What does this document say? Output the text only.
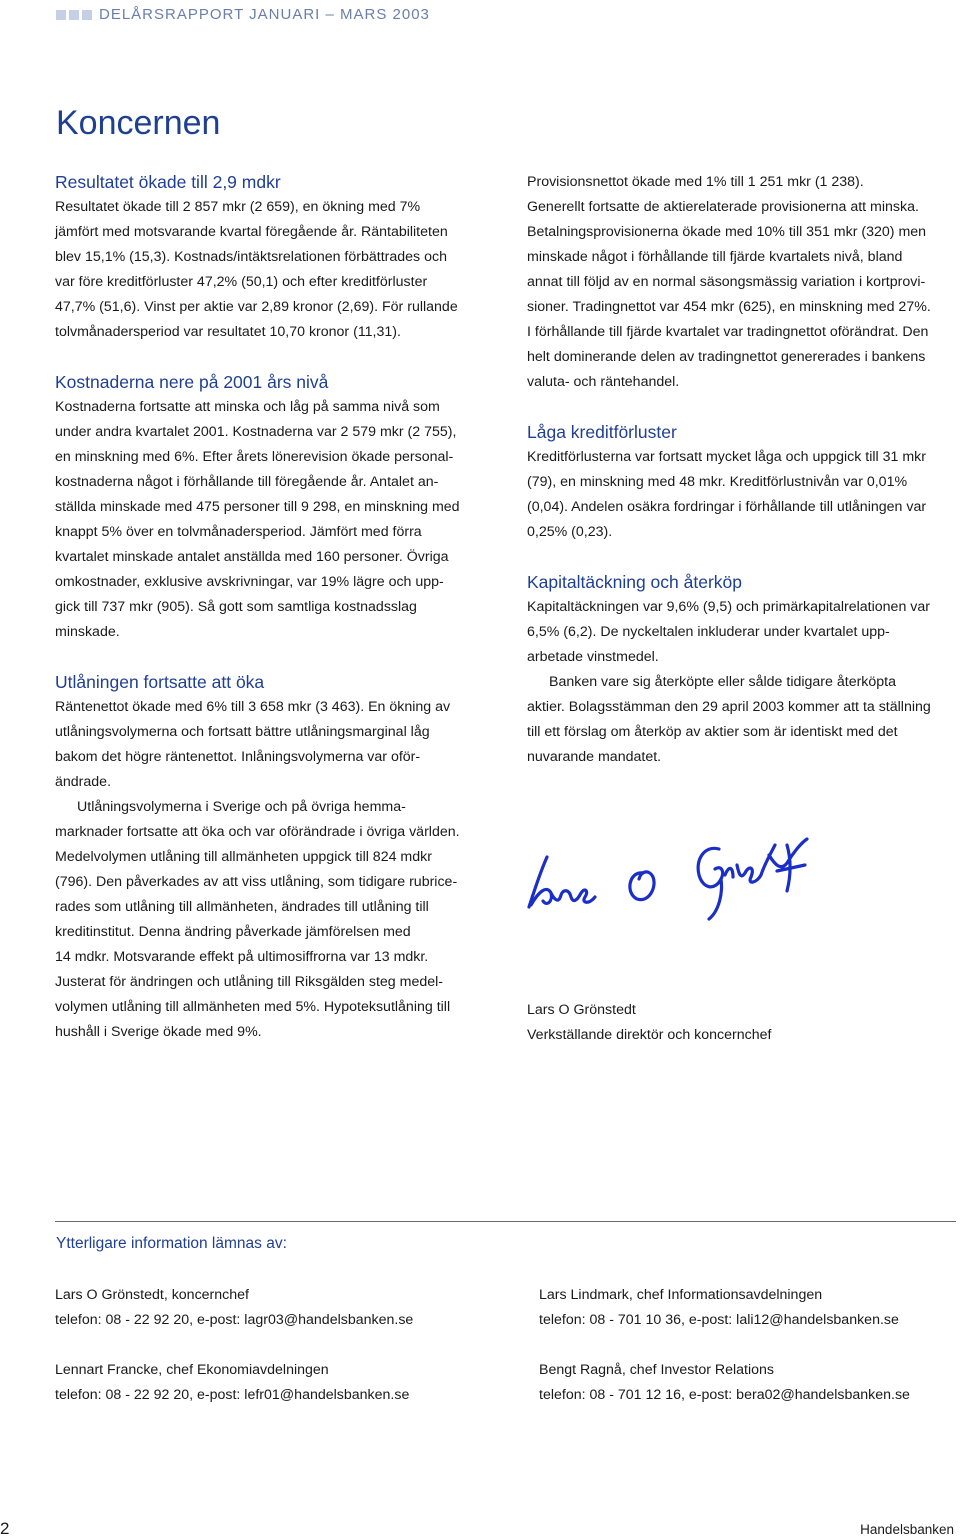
DELÅRSRAPPORT JANUARI – MARS 2003
Koncernen
Resultatet ökade till 2,9 mdkr

Resultatet ökade till 2 857 mkr (2 659), en ökning med 7%

jämfört med motsvarande kvartal föregående år. Räntabiliteten

blev 15,1% (15,3). Kostnads/intäktsrelationen förbättrades och

var före kreditförluster 47,2% (50,1) och efter kreditförluster

47,7% (51,6). Vinst per aktie var 2,89 kronor (2,69). För rullande

tolvmånadersperiod var resultatet 10,70 kronor (11,31).

Kostnaderna nere på 2001 års nivå

Kostnaderna fortsatte att minska och låg på samma nivå som

under andra kvartalet 2001. Kostnaderna var 2 579 mkr (2 755),

en minskning med 6%. Efter årets lönerevision ökade personal-

kostnaderna något i förhållande till föregående år. Antalet an-

ställda minskade med 475 personer till 9 298, en minskning med

knappt 5% över en tolvmånadersperiod. Jämfört med förra

kvartalet minskade antalet anställda med 160 personer. Övriga

omkostnader, exklusive avskrivningar, var 19% lägre och upp-

gick till 737 mkr (905). Så gott som samtliga kostnadsslag

minskade.

Utlåningen fortsatte att öka

Räntenettot ökade med 6% till 3 658 mkr (3 463). En ökning av

utlåningsvolymerna och fortsatt bättre utlåningsmarginal låg

bakom det högre räntenettot. Inlåningsvolymerna var oför-

ändrade.

Utlåningsvolymerna i Sverige och på övriga hemma-

marknader fortsatte att öka och var oförändrade i övriga världen.

Medelvolymen utlåning till allmänheten uppgick till 824 mdkr

(796). Den påverkades av att viss utlåning, som tidigare rubrice-

rades som utlåning till allmänheten, ändrades till utlåning till

kreditinstitut. Denna ändring påverkade jämförelsen med

14 mdkr. Motsvarande effekt på ultimosiffrorna var 13 mdkr.

Justerat för ändringen och utlåning till Riksgälden steg medel-

volymen utlåning till allmänheten med 5%. Hypoteksutlåning till

hushåll i Sverige ökade med 9%.

Provisionsnettot ökade med 1% till 1 251 mkr (1 238).

Generellt fortsatte de aktierelaterade provisionerna att minska.

Betalningsprovisionerna ökade med 10% till 351 mkr (320) men

minskade något i förhållande till fjärde kvartalets nivå, bland

annat till följd av en normal säsongsmässig variation i kortprovi-

sioner. Tradingnettot var 454 mkr (625), en minskning med 27%.

I förhållande till fjärde kvartalet var tradingnettot oförändrat. Den

helt dominerande delen av tradingnettot genererades i bankens

valuta- och räntehandel.

Låga kreditförluster

Kreditförlusterna var fortsatt mycket låga och uppgick till 31 mkr

(79), en minskning med 48 mkr. Kreditförlustnivån var 0,01%

(0,04). Andelen osäkra fordringar i förhållande till utlåningen var

0,25% (0,23).

Kapitaltäckning och återköp

Kapitaltäckningen var 9,6% (9,5) och primärkapitalrelationen var

6,5% (6,2). De nyckeltalen inkluderar under kvartalet upp-

arbetade vinstmedel.

Banken vare sig återköpte eller sålde tidigare återköpta

aktier. Bolagsstämman den 29 april 2003 kommer att ta ställning

till ett förslag om återköp av aktier som är identiskt med det

nuvarande mandatet.

Lars O Grönstedt
Verkställande direktör och koncernchef
Ytterligare information lämnas av:
Lars O Grönstedt, koncernchef
telefon: 08 - 22 92 20, e-post: lagr03@handelsbanken.se
Lars Lindmark, chef Informationsavdelningen
telefon: 08 - 701 10 36, e-post: lali12@handelsbanken.se
Lennart Francke, chef Ekonomiavdelningen
telefon: 08 - 22 92 20, e-post: lefr01@handelsbanken.se
Bengt Ragnå, chef Investor Relations
telefon: 08 - 701 12 16, e-post: bera02@handelsbanken.se
2	Handelsbanken
